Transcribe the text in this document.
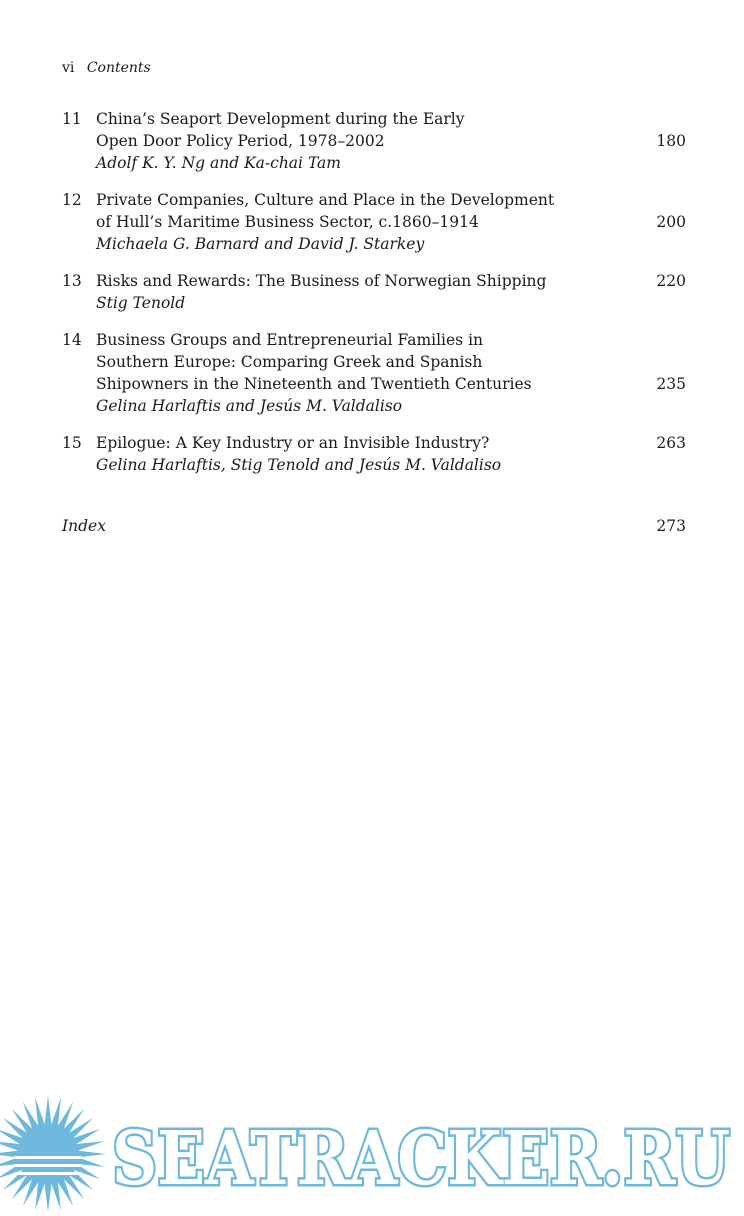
vi Contents
11 China’s Seaport Development during the Early
Open Door Policy Period, 1978–2002	180
Adolf K. Y. Ng and Ka-chai Tam
12 Private Companies, Culture and Place in the Development
of Hull’s Maritime Business Sector, c.1860–1914	200
Michaela G. Barnard and David J. Starkey
13 Risks and Rewards: The Business of Norwegian Shipping	220
Stig Tenold
14 Business Groups and Entrepreneurial Families in
Southern Europe: Comparing Greek and Spanish
Shipowners in the Nineteenth and Twentieth Centuries	235
Gelina Harlaftis and Jesús M. Valdaliso
15 Epilogue: A Key Industry or an Invisible Industry?	263
Gelina Harlaftis, Stig Tenold and Jesús M. Valdaliso
Index	273
SEATRACKER.RU
